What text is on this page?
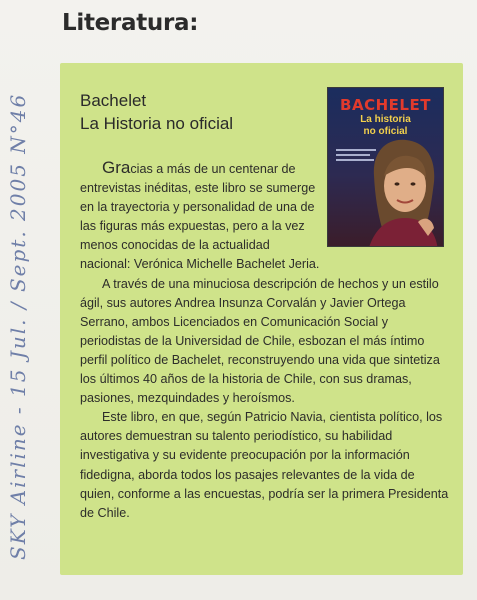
Literatura:
SKY Airline - 15 Jul. / Sept. 2005 N°46	Bachelet
La Historia no oficial
BACHELET
La historia
no oficial

Gracias a más de un centenar de entrevistas inéditas, este libro se sumerge en la trayectoria y personalidad de una de las figuras más expuestas, pero a la vez menos conocidas de la actualidad nacional: Verónica Michelle Bachelet Jeria.

A través de una minuciosa descripción de hechos y un estilo ágil, sus autores Andrea Insunza Corvalán y Javier Ortega Serrano, ambos Licenciados en Comunicación Social y periodistas de la Universidad de Chile, esbozan el más íntimo perfil político de Bachelet, reconstruyendo una vida que sintetiza los últimos 40 años de la historia de Chile, con sus dramas, pasiones, mezquindades y heroísmos.

Este libro, en que, según Patricio Navia, cientista político, los autores demuestran su talento periodístico, su habilidad investigativa y su evidente preocupación por la información fidedigna, aborda todos los pasajes relevantes de la vida de quien, conforme a las encuestas, podría ser la primera Presidenta de Chile.
